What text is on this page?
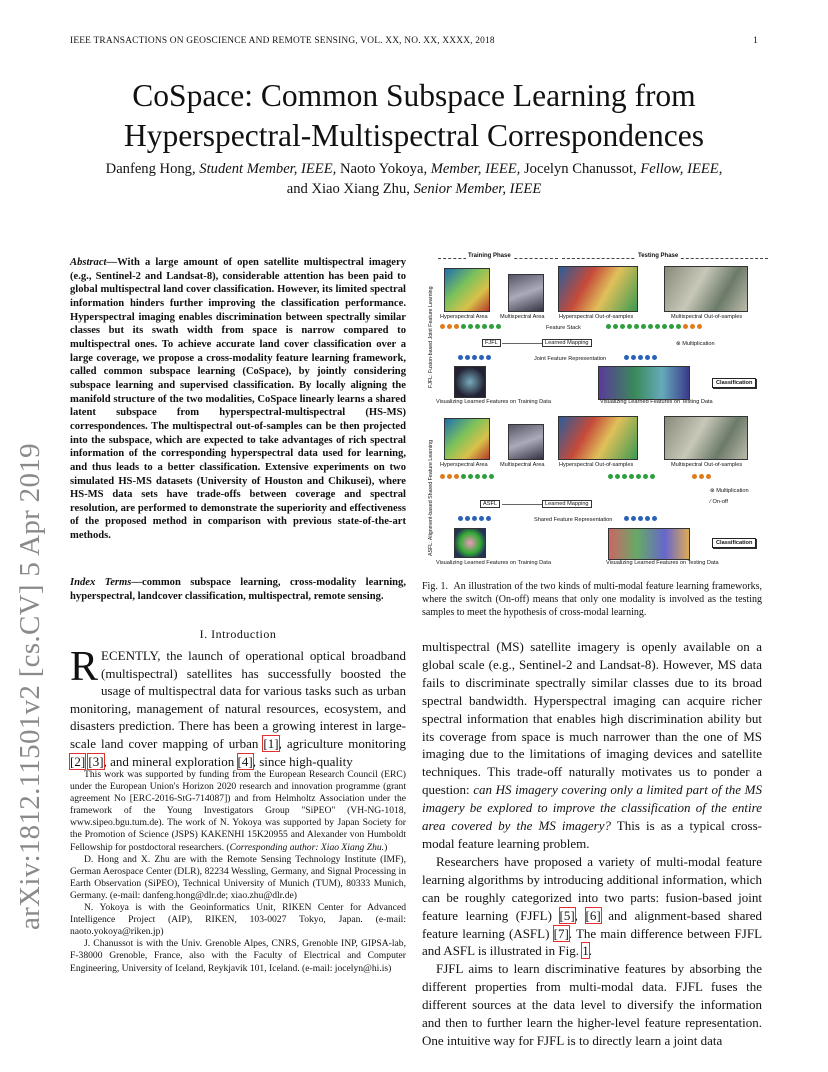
IEEE TRANSACTIONS ON GEOSCIENCE AND REMOTE SENSING, VOL. XX, NO. XX, XXXX, 2018	1
CoSpace: Common Subspace Learning from
Hyperspectral-Multispectral Correspondences
Danfeng Hong, Student Member, IEEE, Naoto Yokoya, Member, IEEE, Jocelyn Chanussot, Fellow, IEEE,
and Xiao Xiang Zhu, Senior Member, IEEE
arXiv:1812.11501v2 [cs.CV] 5 Apr 2019

Abstract—With a large amount of open satellite multispectral imagery (e.g., Sentinel-2 and Landsat-8), considerable attention has been paid to global multispectral land cover classification. However, its limited spectral information hinders further improving the classification performance. Hyperspectral imaging enables discrimination between spectrally similar classes but its swath width from space is narrow compared to multispectral ones. To achieve accurate land cover classification over a large coverage, we propose a cross-modality feature learning framework, called common subspace learning (CoSpace), by jointly considering subspace learning and supervised classification. By locally aligning the manifold structure of the two modalities, CoSpace linearly learns a shared latent subspace from hyperspectral-multispectral (HS-MS) correspondences. The multispectral out-of-samples can be then projected into the subspace, which are expected to take advantages of rich spectral information of the corresponding hyperspectral data used for learning, and thus leads to a better classification. Extensive experiments on two simulated HS-MS datasets (University of Houston and Chikusei), where HS-MS data sets have trade-offs between coverage and spectral resolution, are performed to demonstrate the superiority and effectiveness of the proposed method in comparison with previous state-of-the-art methods.

Index Terms—common subspace learning, cross-modality learning, hyperspectral, landcover classification, multispectral, remote sensing.

I. Introduction

RECENTLY, the launch of operational optical broadband (multispectral) satellites has successfully boosted the usage of multispectral data for various tasks such as urban monitoring, management of natural resources, ecosystem, and disasters prediction. There has been a growing interest in large-scale land cover mapping of urban [1], agriculture monitoring [2] [3], and mineral exploration [4], since high-quality

This work was supported by funding from the European Research Council (ERC) under the European Union's Horizon 2020 research and innovation programme (grant agreement No [ERC-2016-StG-714087]) and from Helmholtz Association under the framework of the Young Investigators Group "SiPEO" (VH-NG-1018, www.sipeo.bgu.tum.de). The work of N. Yokoya was supported by Japan Society for the Promotion of Science (JSPS) KAKENHI 15K20955 and Alexander von Humboldt Fellowship for postdoctoral researchers. (Corresponding author: Xiao Xiang Zhu.)

D. Hong and X. Zhu are with the Remote Sensing Technology Institute (IMF), German Aerospace Center (DLR), 82234 Wessling, Germany, and Signal Processing in Earth Observation (SiPEO), Technical University of Munich (TUM), 80333 Munich, Germany. (e-mail: danfeng.hong@dlr.de; xiao.zhu@dlr.de)

N. Yokoya is with the Geoinformatics Unit, RIKEN Center for Advanced Intelligence Project (AIP), RIKEN, 103-0027 Tokyo, Japan. (e-mail: naoto.yokoya@riken.jp)

J. Chanussot is with the Univ. Grenoble Alpes, CNRS, Grenoble INP, GIPSA-lab, F-38000 Grenoble, France, also with the Faculty of Electrical and Computer Engineering, University of Iceland, Reykjavik 101, Iceland. (e-mail: jocelyn@hi.is)

FJFL: Fusion-based Joint Feature Learning
ASFL: Alignment-based Shared Feature Learning
Training Phase	Testing Phase
Hyperspectral Area Multispectral Area	Hyperspectral Out-of-samples	Multispectral Out-of-samples
Feature Stack
FJFL	Learned Mapping	⊗ Multiplication
Joint Feature Representation
Classification
Visualizing Learned Features on Training Data	Visualizing Learned Features on Testing Data
Hyperspectral Area Multispectral Area	Hyperspectral Out-of-samples	Multispectral Out-of-samples
⊗ Multiplication
⁄ On-off
ASFL	Learned Mapping
Shared Feature Representation
Classification
Visualizing Learned Features on Training Data	Visualizing Learned Features on Testing Data

Fig. 1. An illustration of the two kinds of multi-modal feature learning frameworks, where the switch (On-off) means that only one modality is involved as the testing samples to meet the hypothesis of cross-modal learning.

multispectral (MS) satellite imagery is openly available on a global scale (e.g., Sentinel-2 and Landsat-8). However, MS data fails to discriminate spectrally similar classes due to its broad spectral bandwidth. Hyperspectral imaging can acquire richer spectral information that enables high discrimination ability but its coverage from space is much narrower than the one of MS imaging due to the limitations of imaging devices and satellite techniques. This trade-off naturally motivates us to ponder a question: can HS imagery covering only a limited part of the MS imagery be explored to improve the classification of the entire area covered by the MS imagery? This is as a typical cross-modal feature learning problem.

Researchers have proposed a variety of multi-modal feature learning algorithms by introducing additional information, which can be roughly categorized into two parts: fusion-based joint feature learning (FJFL) [5], [6] and alignment-based shared feature learning (ASFL) [7]. The main difference between FJFL and ASFL is illustrated in Fig. 1.

FJFL aims to learn discriminative features by absorbing the different properties from multi-modal data. FJFL fuses the different sources at the data level to diversify the information and then to further learn the higher-level feature representation. One intuitive way for FJFL is to directly learn a joint data
